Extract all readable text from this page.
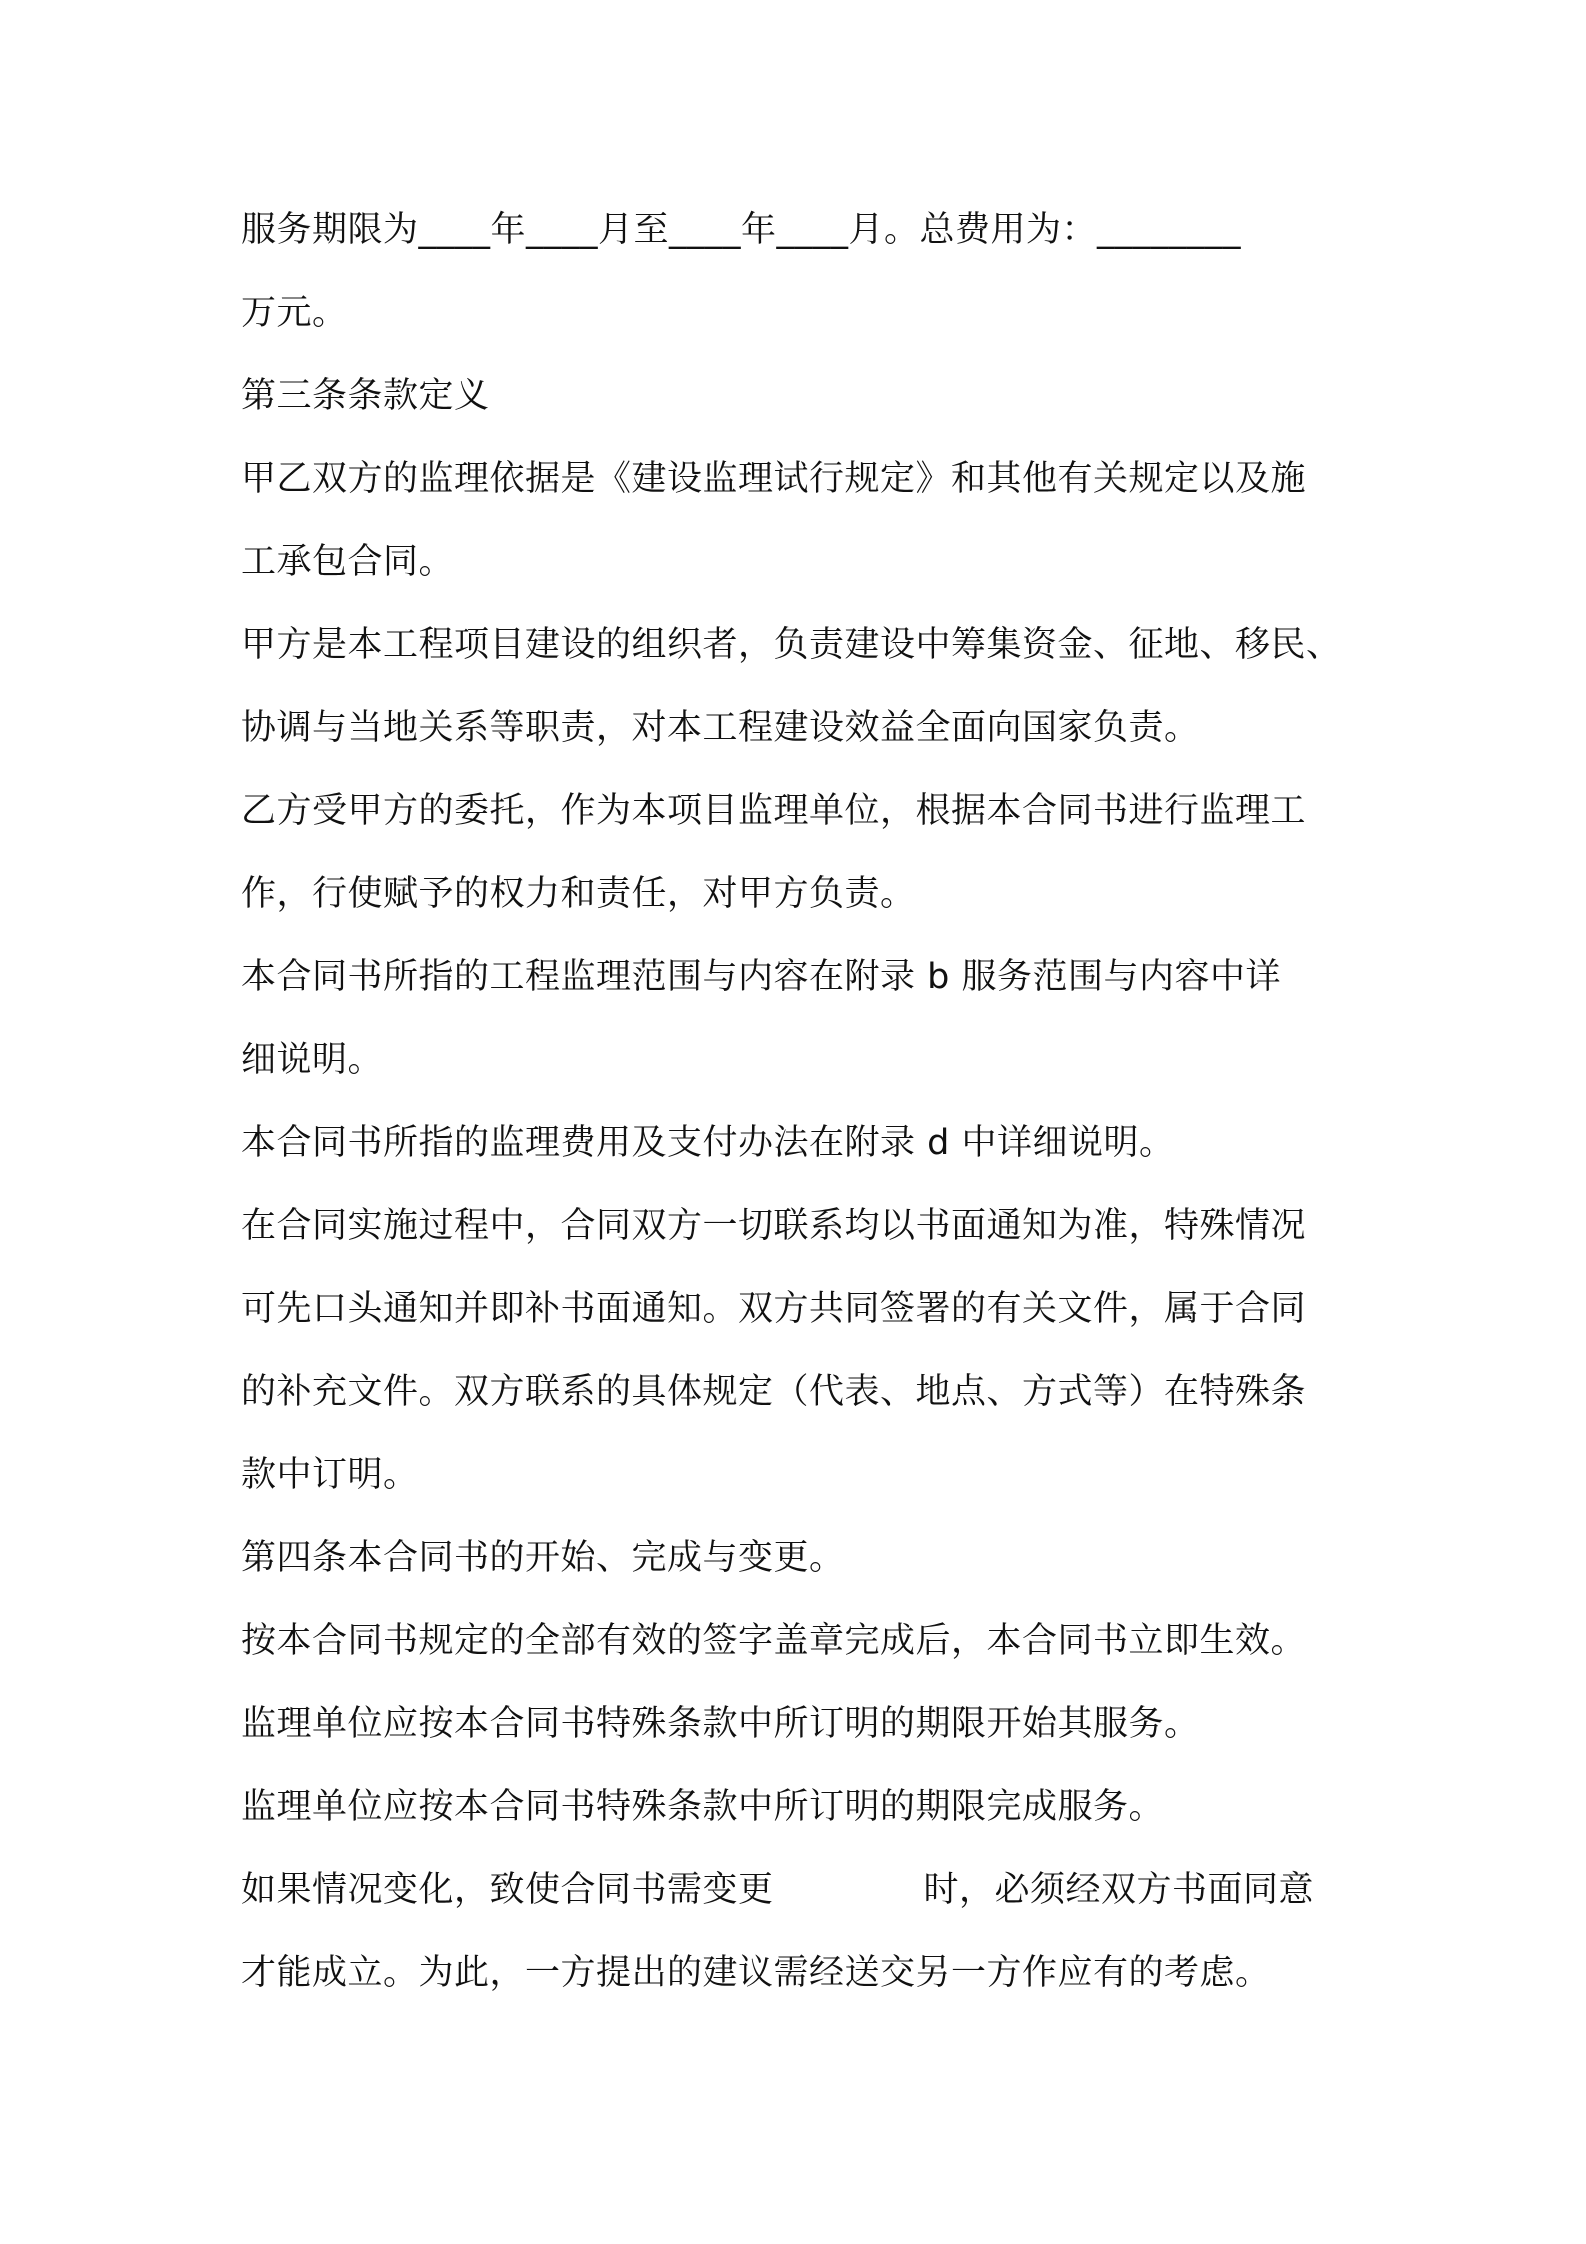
服务期限为____年____月至____年____月。总费用为：________
万元。
第三条条款定义
甲乙双方的监理依据是《建设监理试行规定》和其他有关规定以及施
工承包合同。
甲方是本工程项目建设的组织者，负责建设中筹集资金、征地、移民、
协调与当地关系等职责，对本工程建设效益全面向国家负责。
乙方受甲方的委托，作为本项目监理单位，根据本合同书进行监理工
作，行使赋予的权力和责任，对甲方负责。
本合同书所指的工程监理范围与内容在附录 b 服务范围与内容中详
细说明。
本合同书所指的监理费用及支付办法在附录 d 中详细说明。
在合同实施过程中，合同双方一切联系均以书面通知为准，特殊情况
可先口头通知并即补书面通知。双方共同签署的有关文件，属于合同
的补充文件。双方联系的具体规定（代表、地点、方式等）在特殊条
款中订明。
第四条本合同书的开始、完成与变更。
按本合同书规定的全部有效的签字盖章完成后，本合同书立即生效。
监理单位应按本合同书特殊条款中所订明的期限开始其服务。
监理单位应按本合同书特殊条款中所订明的期限完成服务。
如果情况变化，致使合同书需变更	时，必须经双方书面同意
才能成立。为此，一方提出的建议需经送交另一方作应有的考虑。
